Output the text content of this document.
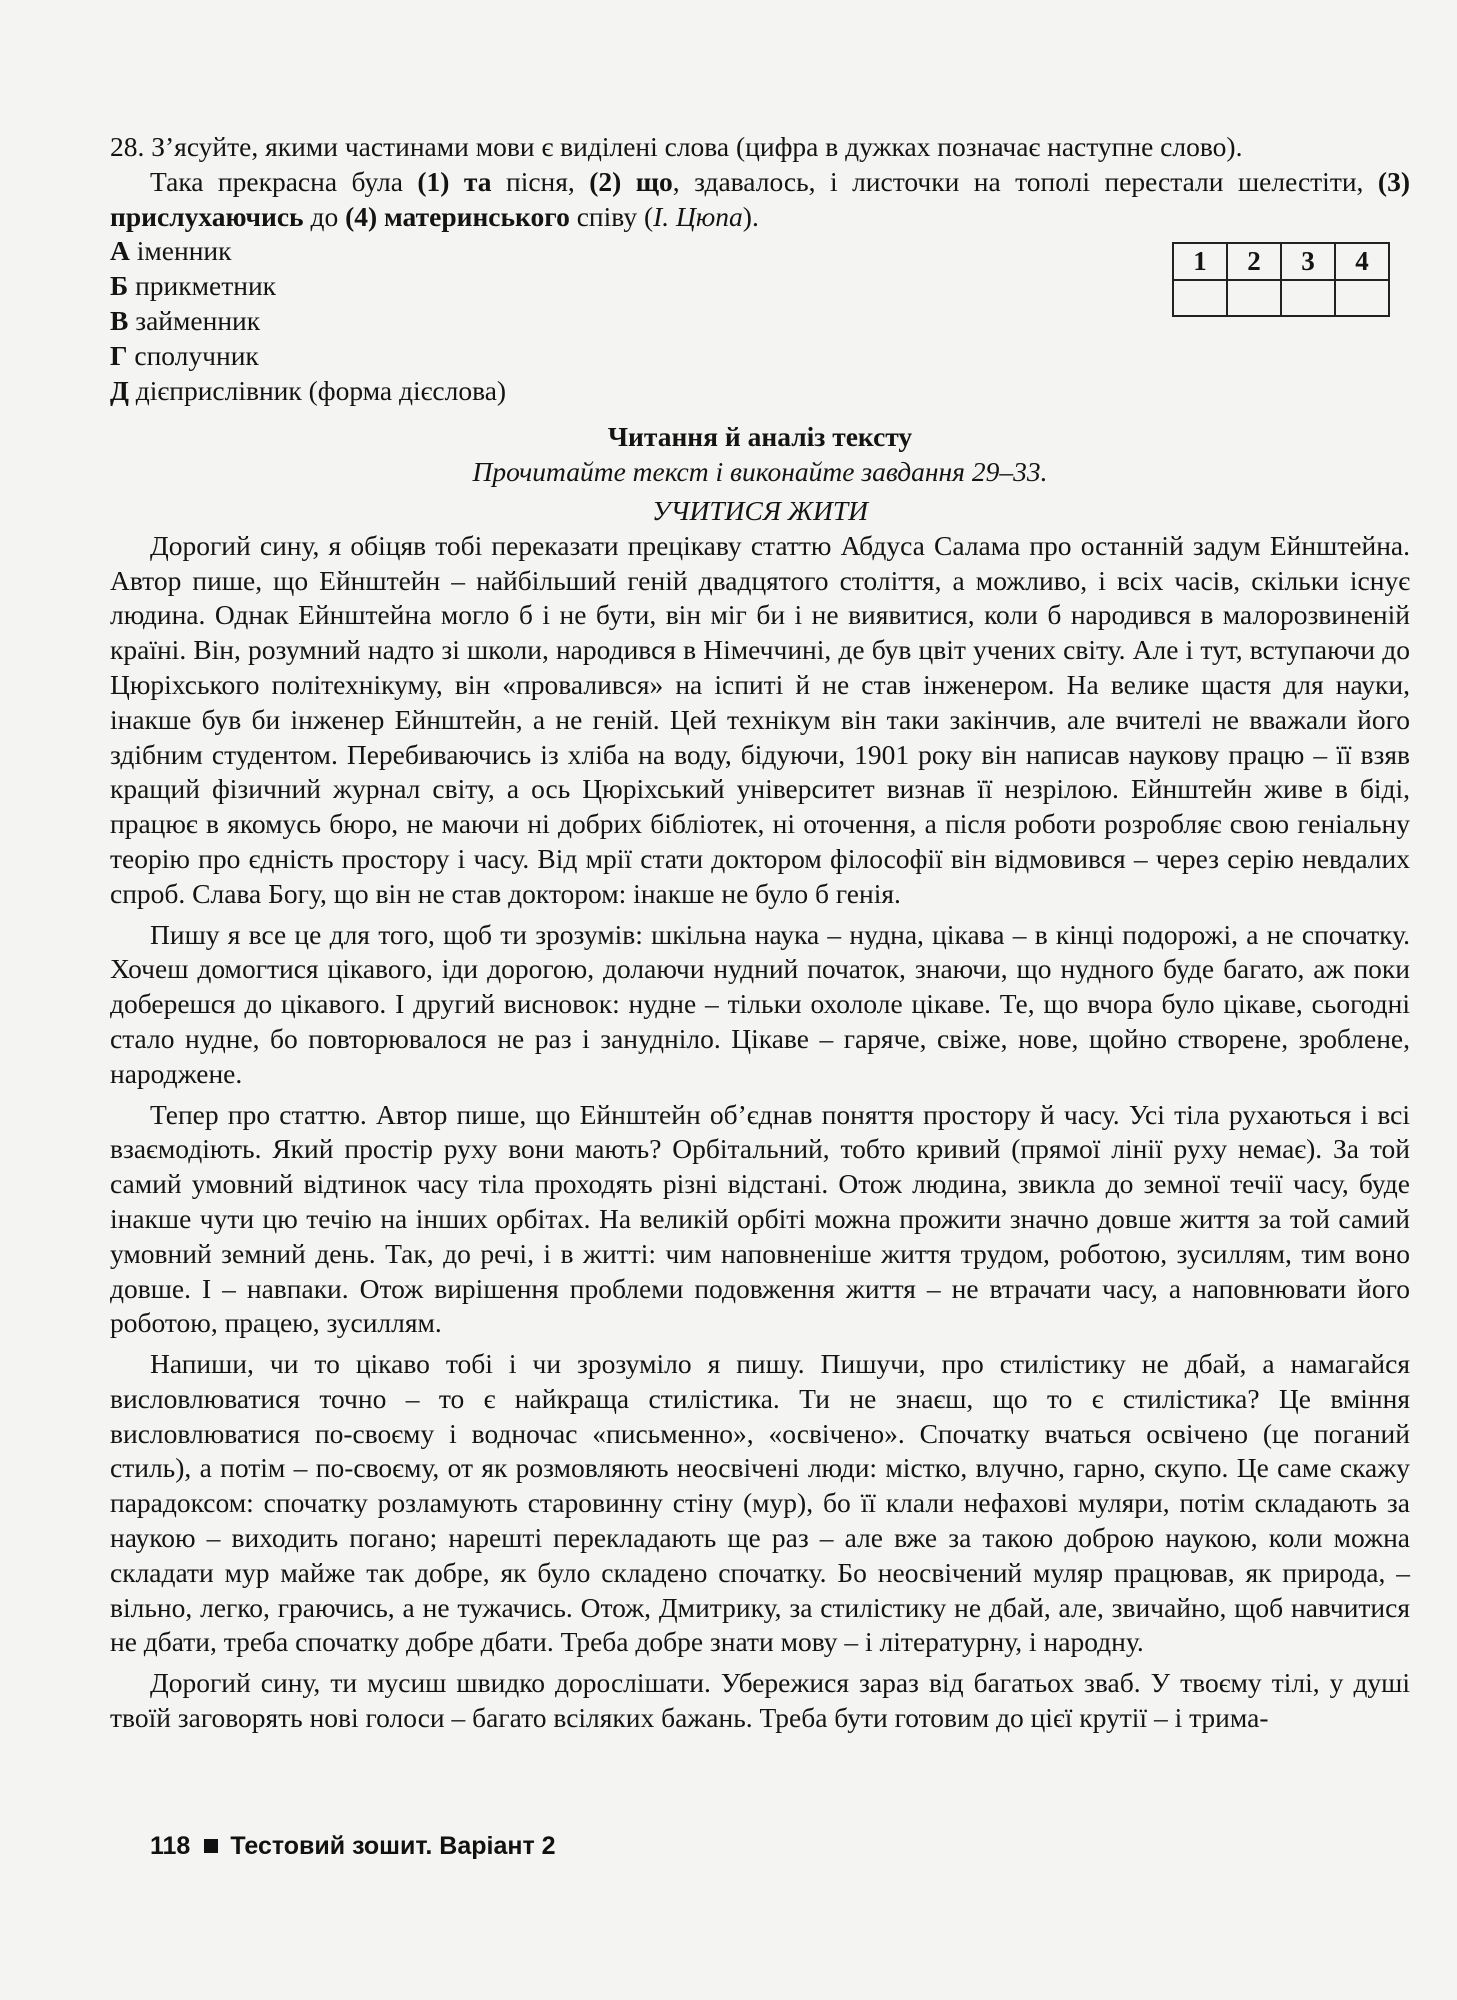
28. З’ясуйте, якими частинами мови є виділені слова (цифра в дужках позначає наступне слово).

Така прекрасна була (1) та пісня, (2) що, здавалось, і листочки на тополі перестали шелестіти, (3) прислухаючись до (4) материнського співу (І. Цюпа).

А іменник

Б прикметник

В займенник

Г сполучник

Д дієприслівник (форма дієслова)

1	2	3	4

Читання й аналіз тексту

Прочитайте текст і виконайте завдання 29–33.

УЧИТИСЯ ЖИТИ

Дорогий сину, я обіцяв тобі переказати прецікаву статтю Абдуса Салама про останній задум Ейнштейна. Автор пише, що Ейнштейн – найбільший геній двадцятого століття, а можливо, і всіх часів, скільки існує людина. Однак Ейнштейна могло б і не бути, він міг би і не виявитися, коли б народився в малорозвиненій країні. Він, розумний надто зі школи, народився в Німеччині, де був цвіт учених світу. Але і тут, вступаючи до Цюріхського політехнікуму, він «провалився» на іспиті й не став інженером. На велике щастя для науки, інакше був би інженер Ейнштейн, а не геній. Цей технікум він таки закінчив, але вчителі не вважали його здібним студентом. Перебиваючись із хліба на воду, бідуючи, 1901 року він написав наукову працю – її взяв кращий фізичний журнал світу, а ось Цюріхський університет визнав її незрілою. Ейнштейн живе в біді, працює в якомусь бюро, не маючи ні добрих бібліотек, ні оточення, а після роботи розробляє свою геніальну теорію про єдність простору і часу. Від мрії стати доктором філософії він відмовився – через серію невдалих спроб. Слава Богу, що він не став доктором: інакше не було б генія.

Пишу я все це для того, щоб ти зрозумів: шкільна наука – нудна, цікава – в кінці подорожі, а не спочатку. Хочеш домогтися цікавого, іди дорогою, долаючи нудний початок, знаючи, що нудного буде багато, аж поки доберешся до цікавого. І другий висновок: нудне – тільки охололе цікаве. Те, що вчора було цікаве, сьогодні стало нудне, бо повторювалося не раз і занудніло. Цікаве – гаряче, свіже, нове, щойно створене, зроблене, народжене.

Тепер про статтю. Автор пише, що Ейнштейн об’єднав поняття простору й часу. Усі тіла рухаються і всі взаємодіють. Який простір руху вони мають? Орбітальний, тобто кривий (прямої лінії руху немає). За той самий умовний відтинок часу тіла проходять різні відстані. Отож людина, звикла до земної течії часу, буде інакше чути цю течію на інших орбітах. На великій орбіті можна прожити значно довше життя за той самий умовний земний день. Так, до речі, і в житті: чим наповненіше життя трудом, роботою, зусиллям, тим воно довше. І – навпаки. Отож вирішення проблеми подовження життя – не втрачати часу, а наповнювати його роботою, працею, зусиллям.

Напиши, чи то цікаво тобі і чи зрозуміло я пишу. Пишучи, про стилістику не дбай, а намагайся висловлюватися точно – то є найкраща стилістика. Ти не знаєш, що то є стилістика? Це вміння висловлюватися по-своєму і водночас «письменно», «освічено». Спочатку вчаться освічено (це поганий стиль), а потім – по-своєму, от як розмовляють неосвічені люди: містко, влучно, гарно, скупо. Це саме скажу парадоксом: спочатку розламують старовинну стіну (мур), бо її клали нефахові муляри, потім складають за наукою – виходить погано; нарешті перекладають ще раз – але вже за такою доброю наукою, коли можна складати мур майже так добре, як було складено спочатку. Бо неосвічений муляр працював, як природа, – вільно, легко, граючись, а не тужачись. Отож, Дмитрику, за стилістику не дбай, але, звичайно, щоб навчитися не дбати, треба спочатку добре дбати. Треба добре знати мову – і літературну, і народну.

Дорогий сину, ти мусиш швидко дорослішати. Убережися зараз від багатьох зваб. У твоєму тілі, у душі твоїй заговорять нові голоси – багато всіляких бажань. Треба бути готовим до цієї крутії – і трима-

118 Тестовий зошит. Варіант 2
